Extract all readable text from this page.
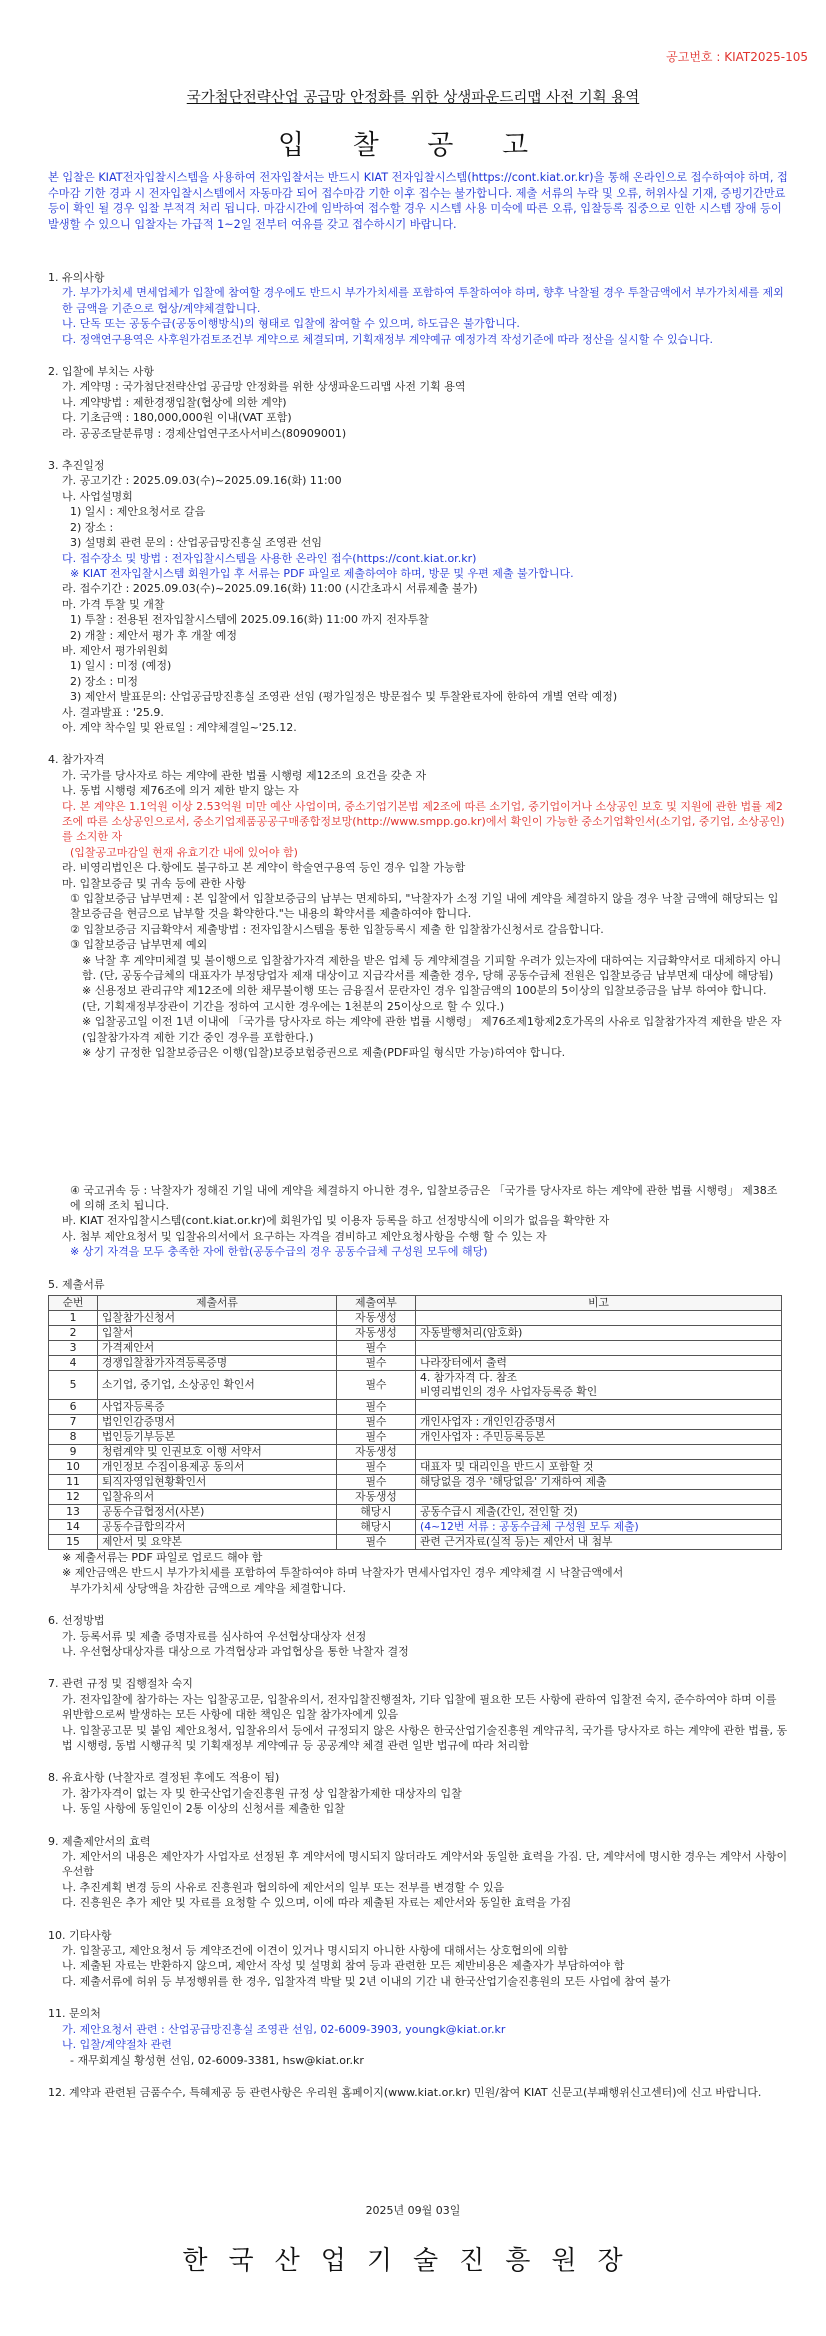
공고번호 : KIAT2025-105
국가첨단전략산업 공급망 안정화를 위한 상생파운드리맵 사전 기획 용역
입 찰 공 고
본 입찰은 KIAT전자입찰시스템을 사용하여 전자입찰서는 반드시 KIAT 전자입찰시스템(https://cont.kiat.or.kr)을 통해 온라인으로 접수하여야 하며, 접수마감 기한 경과 시 전자입찰시스템에서 자동마감 되어 접수마감 기한 이후 접수는 불가합니다. 제출 서류의 누락 및 오류, 허위사실 기재, 증빙기간만료 등이 확인 될 경우 입찰 부적격 처리 됩니다. 마감시간에 임박하여 접수할 경우 시스템 사용 미숙에 따른 오류, 입찰등록 집중으로 인한 시스템 장애 등이 발생할 수 있으니 입찰자는 가급적 1~2일 전부터 여유를 갖고 접수하시기 바랍니다.
1. 유의사항
가. 부가가치세 면세업체가 입찰에 참여할 경우에도 반드시 부가가치세를 포함하여 투찰하여야 하며, 향후 낙찰될 경우 투찰금액에서 부가가치세를 제외한 금액을 기준으로 협상/계약체결합니다.
나. 단독 또는 공동수급(공동이행방식)의 형태로 입찰에 참여할 수 있으며, 하도급은 불가합니다.
다. 정액연구용역은 사후원가검토조건부 계약으로 체결되며, 기획재정부 계약예규 예정가격 작성기준에 따라 정산을 실시할 수 있습니다.
2. 입찰에 부치는 사항
가. 계약명 : 국가첨단전략산업 공급망 안정화를 위한 상생파운드리맵 사전 기획 용역
나. 계약방법 : 제한경쟁입찰(협상에 의한 계약)
다. 기초금액 : 180,000,000원 이내(VAT 포함)
라. 공공조달분류명 : 경제산업연구조사서비스(80909001)
3. 추진일정
가. 공고기간 : 2025.09.03(수)~2025.09.16(화) 11:00
나. 사업설명회
1) 일시 : 제안요청서로 갈음
2) 장소 :
3) 설명회 관련 문의 : 산업공급망진흥실 조영관 선임
다. 접수장소 및 방법 : 전자입찰시스템을 사용한 온라인 접수(https://cont.kiat.or.kr)
※ KIAT 전자입찰시스템 회원가입 후 서류는 PDF 파일로 제출하여야 하며, 방문 및 우편 제출 불가합니다.
라. 접수기간 : 2025.09.03(수)~2025.09.16(화) 11:00 (시간초과시 서류제출 불가)
마. 가격 투찰 및 개찰
1) 투찰 : 전용된 전자입찰시스템에 2025.09.16(화) 11:00 까지 전자투찰
2) 개찰 : 제안서 평가 후 개찰 예정
바. 제안서 평가위원회
1) 일시 : 미정 (예정)
2) 장소 : 미정
3) 제안서 발표문의: 산업공급망진흥실 조영관 선임 (평가일정은 방문접수 및 투찰완료자에 한하여 개별 연락 예정)
사. 결과발표 : '25.9.
아. 계약 착수일 및 완료일 : 계약체결일~'25.12.
4. 참가자격
가. 국가를 당사자로 하는 계약에 관한 법률 시행령 제12조의 요건을 갖춘 자
나. 동법 시행령 제76조에 의거 제한 받지 않는 자
다. 본 계약은 1.1억원 이상 2.53억원 미만 예산 사업이며, 중소기업기본법 제2조에 따른 소기업, 중기업이거나 소상공인 보호 및 지원에 관한 법률 제2조에 따른 소상공인으로서, 중소기업제품공공구매종합정보망(http://www.smpp.go.kr)에서 확인이 가능한 중소기업확인서(소기업, 중기업, 소상공인)를 소지한 자
(입찰공고마감일 현재 유효기간 내에 있어야 함)
라. 비영리법인은 다.항에도 불구하고 본 계약이 학술연구용역 등인 경우 입찰 가능함
마. 입찰보증금 및 귀속 등에 관한 사항
① 입찰보증금 납부면제 : 본 입찰에서 입찰보증금의 납부는 면제하되, "낙찰자가 소정 기일 내에 계약을 체결하지 않을 경우 낙찰 금액에 해당되는 입찰보증금을 현금으로 납부할 것을 확약한다."는 내용의 확약서를 제출하여야 합니다.
② 입찰보증금 지급확약서 제출방법 : 전자입찰시스템을 통한 입찰등록시 제출 한 입찰참가신청서로 갈음합니다.
③ 입찰보증금 납부면제 예외
※ 낙찰 후 계약미체결 및 불이행으로 입찰참가자격 제한을 받은 업체 등 계약체결을 기피할 우려가 있는자에 대하여는 지급확약서로 대체하지 아니함. (단, 공동수급체의 대표자가 부정당업자 제재 대상이고 지급각서를 제출한 경우, 당해 공동수급체 전원은 입찰보증금 납부면제 대상에 해당됨)
※ 신용정보 관리규약 제12조에 의한 채무불이행 또는 금융질서 문란자인 경우 입찰금액의 100분의 5이상의 입찰보증금을 납부 하여야 합니다. (단, 기획재정부장관이 기간을 정하여 고시한 경우에는 1천분의 25이상으로 할 수 있다.)
※ 입찰공고일 이전 1년 이내에 「국가를 당사자로 하는 계약에 관한 법률 시행령」 제76조제1항제2호가목의 사유로 입찰참가자격 제한을 받은 자(입찰참가자격 제한 기간 중인 경우를 포함한다.)
※ 상기 규정한 입찰보증금은 이행(입찰)보증보험증권으로 제출(PDF파일 형식만 가능)하여야 합니다.
④ 국고귀속 등 : 낙찰자가 정해진 기일 내에 계약을 체결하지 아니한 경우, 입찰보증금은 「국가를 당사자로 하는 계약에 관한 법률 시행령」 제38조에 의해 조치 됩니다.
바. KIAT 전자입찰시스템(cont.kiat.or.kr)에 회원가입 및 이용자 등록을 하고 선정방식에 이의가 없음을 확약한 자
사. 첨부 제안요청서 및 입찰유의서에서 요구하는 자격을 겸비하고 제안요청사항을 수행 할 수 있는 자
※ 상기 자격을 모두 충족한 자에 한함(공동수급의 경우 공동수급체 구성원 모두에 해당)
5. 제출서류
순번	제출서류	제출여부	비고
1	입찰참가신청서	자동생성	
2	입찰서	자동생성	자동발행처리(암호화)
3	가격제안서	필수	
4	경쟁입찰참가자격등록증명	필수	나라장터에서 출력
5	소기업, 중기업, 소상공인 확인서	필수	4. 참가자격 다. 참조
비영리법인의 경우 사업자등록증 확인

6	사업자등록증	필수	
7	법인인감증명서	필수	개인사업자 : 개인인감증명서
8	법인등기부등본	필수	개인사업자 : 주민등록등본
9	청렴계약 및 인권보호 이행 서약서	자동생성	
10	개인정보 수집이용제공 동의서	필수	대표자 및 대리인을 반드시 포함할 것
11	퇴직자영입현황확인서	필수	해당없을 경우 '해당없음' 기재하여 제출
12	입찰유의서	자동생성	
13	공동수급협정서(사본)	해당시	공동수급시 제출(간인, 전인할 것)
14	공동수급합의각서	해당시	(4~12번 서류 : 공동수급체 구성원 모두 제출)
15	제안서 및 요약본	필수	관련 근거자료(실적 등)는 제안서 내 첨부
※ 제출서류는 PDF 파일로 업로드 해야 함
※ 제안금액은 반드시 부가가치세를 포함하여 투찰하여야 하며 낙찰자가 면세사업자인 경우 계약체결 시 낙찰금액에서
부가가치세 상당액을 차감한 금액으로 계약을 체결합니다.
6. 선정방법
가. 등록서류 및 제출 증명자료를 심사하여 우선협상대상자 선정
나. 우선협상대상자를 대상으로 가격협상과 과업협상을 통한 낙찰자 결정
7. 관련 규정 및 집행절차 숙지
가. 전자입찰에 참가하는 자는 입찰공고문, 입찰유의서, 전자입찰진행절차, 기타 입찰에 필요한 모든 사항에 관하여 입찰전 숙지, 준수하여야 하며 이를 위반함으로써 발생하는 모든 사항에 대한 책임은 입찰 참가자에게 있음
나. 입찰공고문 및 붙임 제안요청서, 입찰유의서 등에서 규정되지 않은 사항은 한국산업기술진흥원 계약규칙, 국가를 당사자로 하는 계약에 관한 법률, 동법 시행령, 동법 시행규칙 및 기획재정부 계약예규 등 공공계약 체결 관련 일반 법규에 따라 처리함
8. 유효사항 (낙찰자로 결정된 후에도 적용이 됨)
가. 참가자격이 없는 자 및 한국산업기술진흥원 규정 상 입찰참가제한 대상자의 입찰
나. 동일 사항에 동일인이 2통 이상의 신청서를 제출한 입찰
9. 제출제안서의 효력
가. 제안서의 내용은 제안자가 사업자로 선정된 후 계약서에 명시되지 않더라도 계약서와 동일한 효력을 가짐. 단, 계약서에 명시한 경우는 계약서 사항이 우선함
나. 추진계획 변경 등의 사유로 진흥원과 협의하에 제안서의 일부 또는 전부를 변경할 수 있음
다. 진흥원은 추가 제안 및 자료를 요청할 수 있으며, 이에 따라 제출된 자료는 제안서와 동일한 효력을 가짐
10. 기타사항
가. 입찰공고, 제안요청서 등 계약조건에 이견이 있거나 명시되지 아니한 사항에 대해서는 상호협의에 의함
나. 제출된 자료는 반환하지 않으며, 제안서 작성 및 설명회 참여 등과 관련한 모든 제반비용은 제출자가 부담하여야 함
다. 제출서류에 허위 등 부정행위를 한 경우, 입찰자격 박탈 및 2년 이내의 기간 내 한국산업기술진흥원의 모든 사업에 참여 불가
11. 문의처
가. 제안요청서 관련 : 산업공급망진흥실 조영관 선임, 02-6009-3903, youngk@kiat.or.kr
나. 입찰/계약절차 관련
- 재무회계실 황성현 선임, 02-6009-3381, hsw@kiat.or.kr
12. 계약과 관련된 금품수수, 특혜제공 등 관련사항은 우리원 홈페이지(www.kiat.or.kr) 민원/참여 KIAT 신문고(부패행위신고센터)에 신고 바랍니다.
2025년 09월 03일
한국산업기술진흥원장
